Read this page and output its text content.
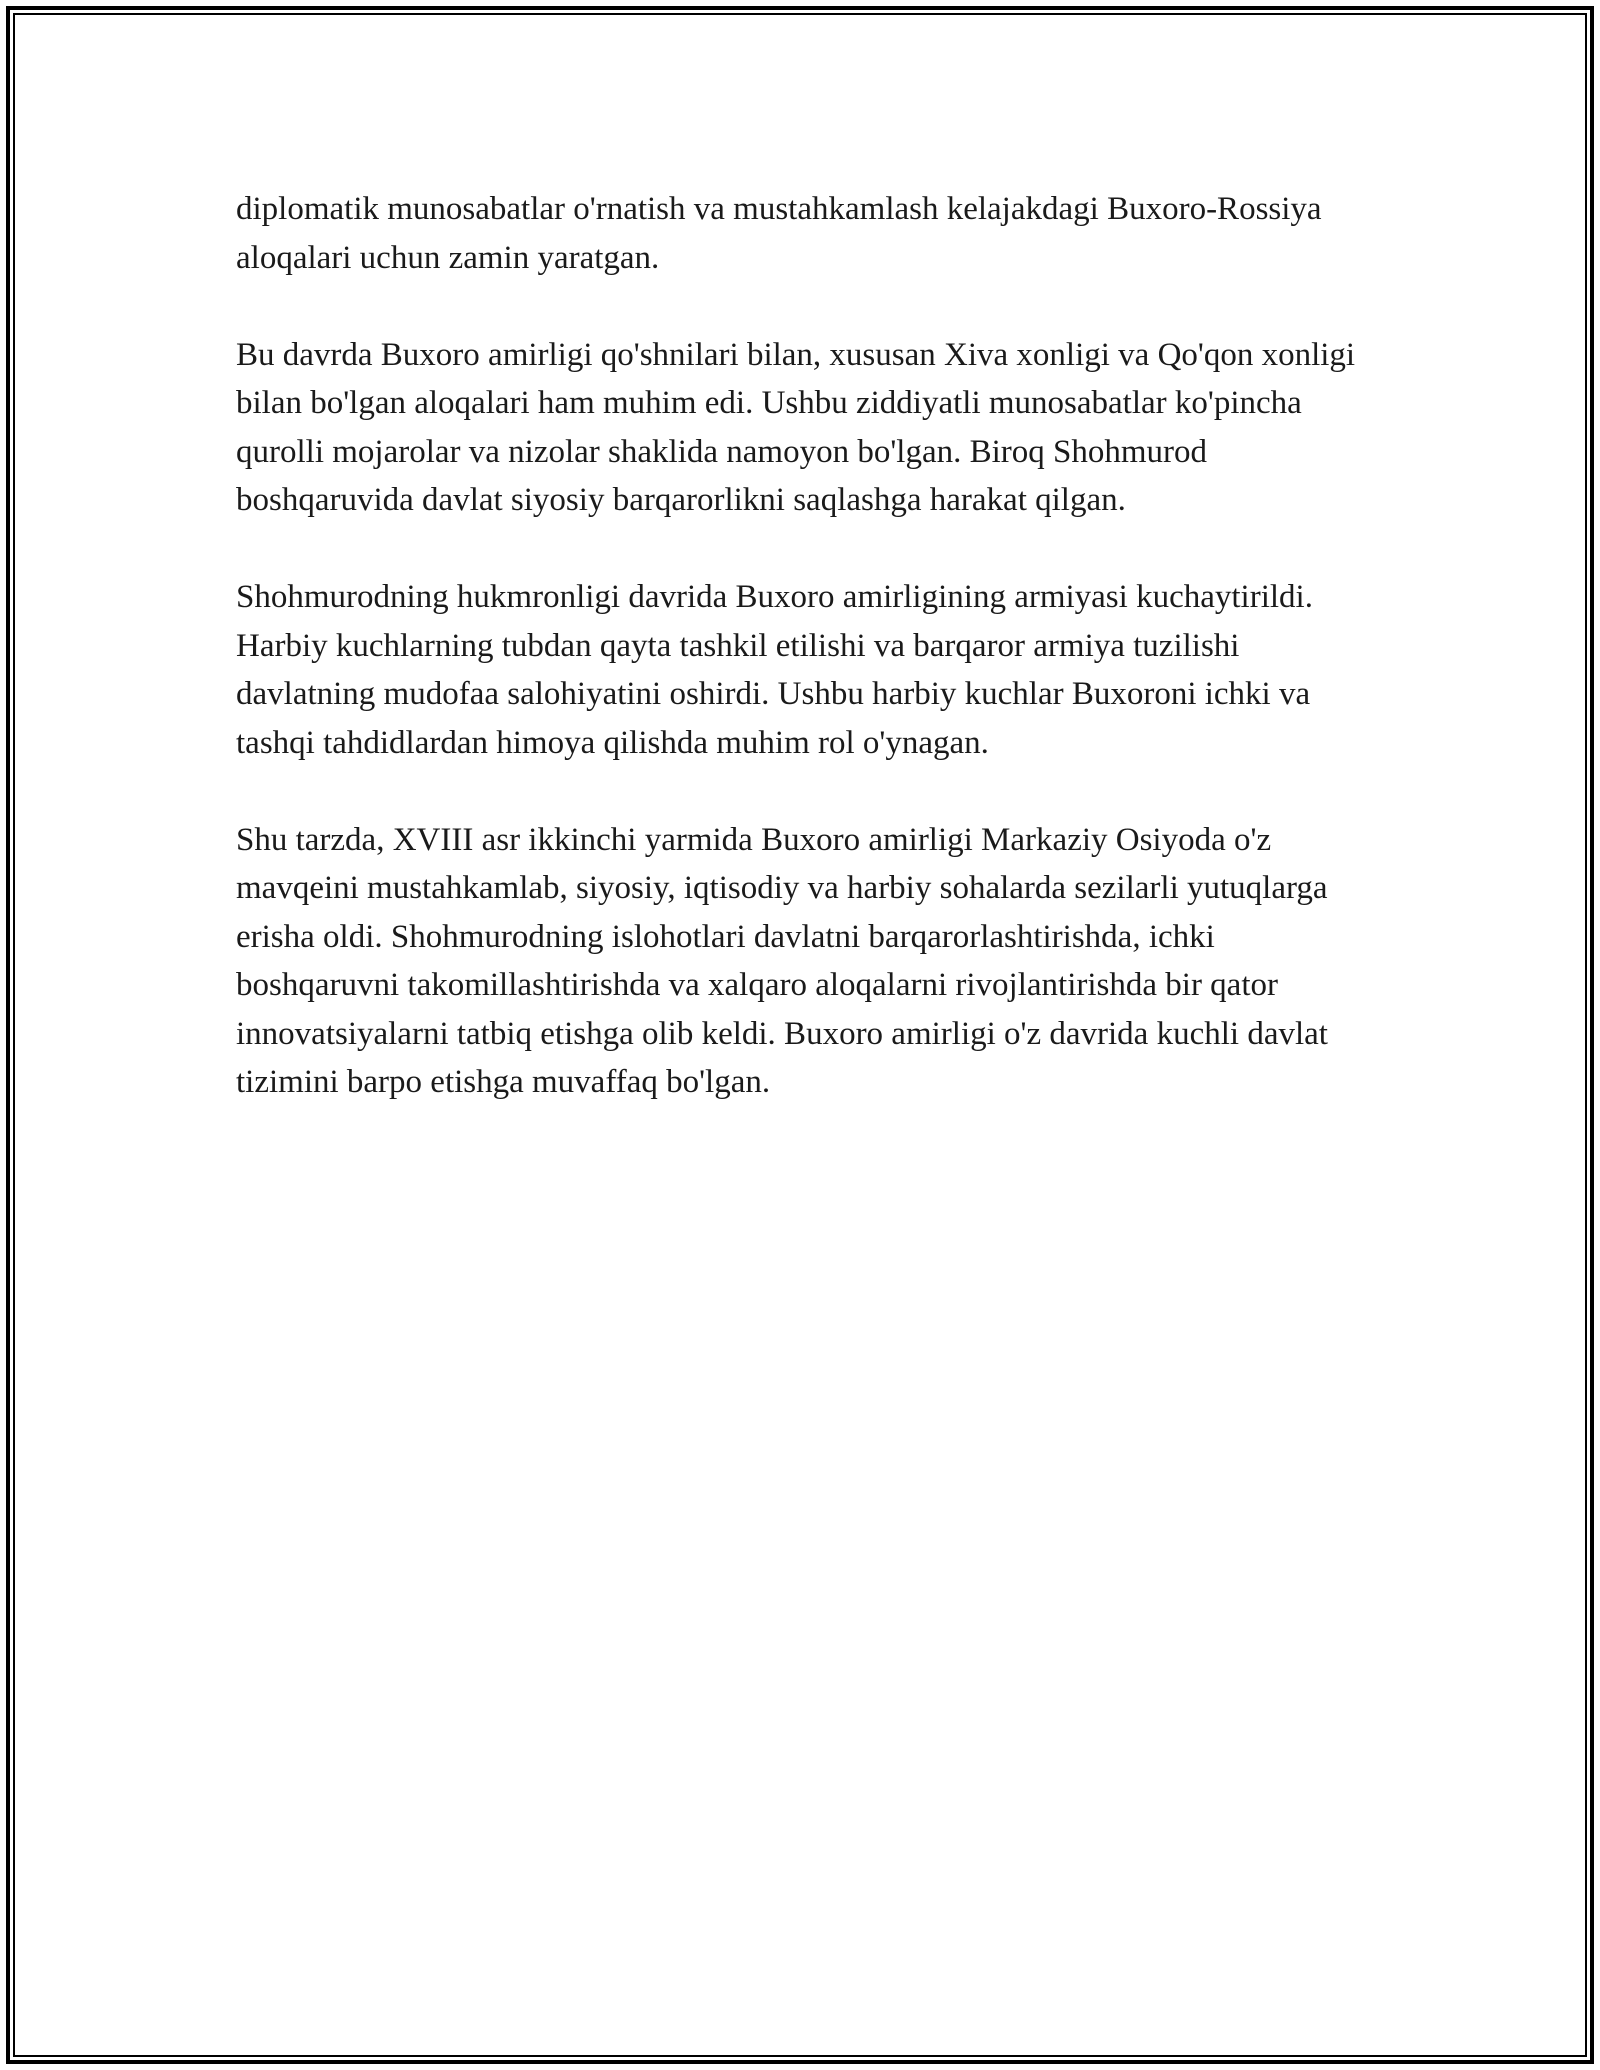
diplomatik munosabatlar o'rnatish va mustahkamlash kelajakdagi Buxoro-Rossiya aloqalari uchun zamin yaratgan.

Bu davrda Buxoro amirligi qo'shnilari bilan, xususan Xiva xonligi va Qo'qon xonligi bilan bo'lgan aloqalari ham muhim edi. Ushbu ziddiyatli munosabatlar ko'pincha qurolli mojarolar va nizolar shaklida namoyon bo'lgan. Biroq Shohmurod boshqaruvida davlat siyosiy barqarorlikni saqlashga harakat qilgan.

Shohmurodning hukmronligi davrida Buxoro amirligining armiyasi kuchaytirildi. Harbiy kuchlarning tubdan qayta tashkil etilishi va barqaror armiya tuzilishi davlatning mudofaa salohiyatini oshirdi. Ushbu harbiy kuchlar Buxoroni ichki va tashqi tahdidlardan himoya qilishda muhim rol o'ynagan.

Shu tarzda, XVIII asr ikkinchi yarmida Buxoro amirligi Markaziy Osiyoda o'z mavqeini mustahkamlab, siyosiy, iqtisodiy va harbiy sohalarda sezilarli yutuqlarga erisha oldi. Shohmurodning islohotlari davlatni barqarorlashtirishda, ichki boshqaruvni takomillashtirishda va xalqaro aloqalarni rivojlantirishda bir qator innovatsiyalarni tatbiq etishga olib keldi. Buxoro amirligi o'z davrida kuchli davlat tizimini barpo etishga muvaffaq bo'lgan.
